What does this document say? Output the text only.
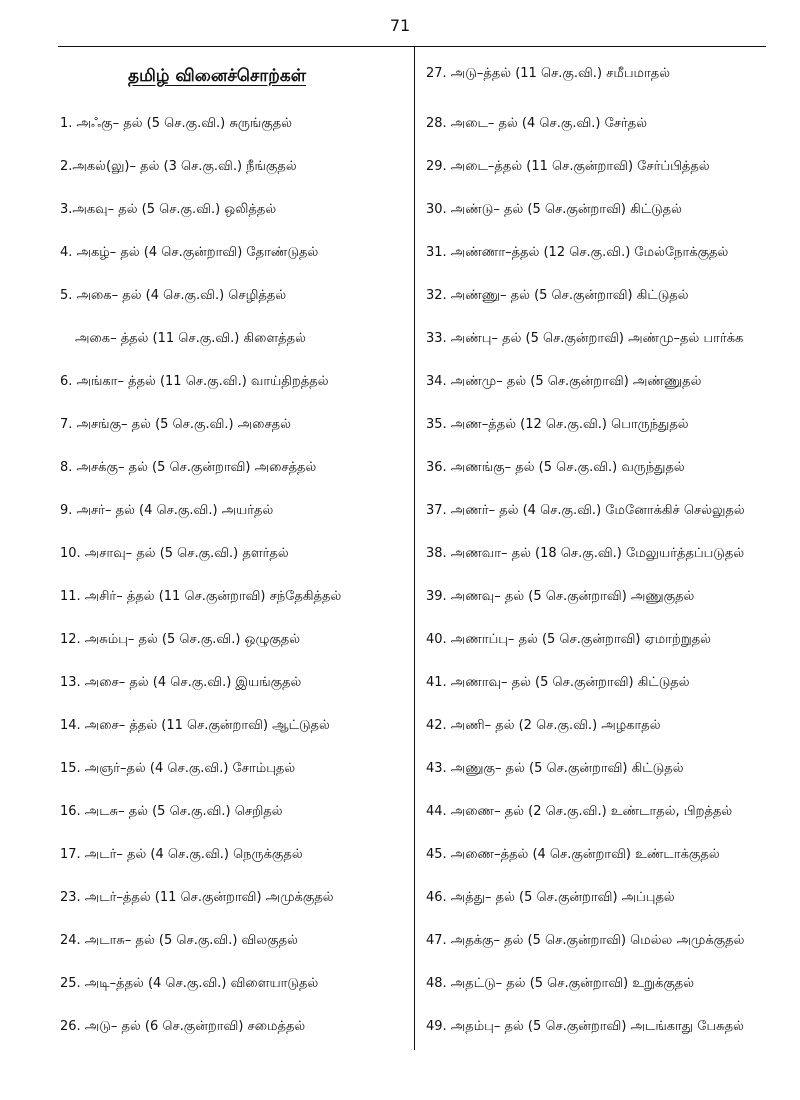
71
தமிழ் வினைச்சொற்கள்
1. அஃகு– தல் (5 செ.கு.வி.) சுருங்குதல்
2.அகல்(லு)– தல் (3 செ.கு.வி.) நீங்குதல்
3.அகவு– தல் (5 செ.கு.வி.) ஒலித்தல்
4. அகழ்– தல் (4 செ.குன்றாவி) தோண்டுதல்
5. அகை– தல் (4 செ.கு.வி.) செழித்தல்
அகை– த்தல் (11 செ.கு.வி.) கிளைத்தல்
6. அங்கா– த்தல் (11 செ.கு.வி.) வாய்திறத்தல்
7. அசங்கு– தல் (5 செ.கு.வி.) அசைதல்
8. அசக்கு– தல் (5 செ.குன்றாவி) அசைத்தல்
9. அசர்– தல் (4 செ.கு.வி.) அயர்தல்
10. அசாவு– தல் (5 செ.கு.வி.) தளர்தல்
11. அசிர்– த்தல் (11 செ.குன்றாவி) சந்தேகித்தல்
12. அசும்பு– தல் (5 செ.கு.வி.) ஒழுகுதல்
13. அசை– தல் (4 செ.கு.வி.) இயங்குதல்
14. அசை– த்தல் (11 செ.குன்றாவி) ஆட்டுதல்
15. அஞர்–தல் (4 செ.கு.வி.) சோம்புதல்
16. அடசு– தல் (5 செ.கு.வி.) செறிதல்
17. அடர்– தல் (4 செ.கு.வி.) நெருக்குதல்
23. அடர்–த்தல் (11 செ.குன்றாவி) அமுக்குதல்
24. அடாசு– தல் (5 செ.கு.வி.) விலகுதல்
25. அடி–த்தல் (4 செ.கு.வி.) விளையாடுதல்
26. அடு– தல் (6 செ.குன்றாவி) சமைத்தல்
27. அடு–த்தல் (11 செ.கு.வி.) சமீபமாதல்
28. அடை– தல் (4 செ.கு.வி.) சேர்தல்
29. அடை–த்தல் (11 செ.குன்றாவி) சேர்ப்பித்தல்
30. அண்டு– தல் (5 செ.குன்றாவி) கிட்டுதல்
31. அண்ணா–த்தல் (12 செ.கு.வி.) மேல்நோக்குதல்
32. அண்ணு– தல் (5 செ.குன்றாவி) கிட்டுதல்
33. அண்பு– தல் (5 செ.குன்றாவி) அண்மு–தல் பார்க்க
34. அண்மு– தல் (5 செ.குன்றாவி) அண்ணுதல்
35. அண–த்தல் (12 செ.கு.வி.) பொருந்துதல்
36. அணங்கு– தல் (5 செ.கு.வி.) வருந்துதல்
37. அணர்– தல் (4 செ.கு.வி.) மேனோக்கிச் செல்லுதல்
38. அணவா– தல் (18 செ.கு.வி.) மேலுயர்த்தப்படுதல்
39. அணவு– தல் (5 செ.குன்றாவி) அணுகுதல்
40. அணாப்பு– தல் (5 செ.குன்றாவி) ஏமாற்றுதல்
41. அணாவு– தல் (5 செ.குன்றாவி) கிட்டுதல்
42. அணி– தல் (2 செ.கு.வி.) அழகாதல்
43. அணுகு– தல் (5 செ.குன்றாவி) கிட்டுதல்
44. அணை– தல் (2 செ.கு.வி.) உண்டாதல், பிறத்தல்
45. அணை–த்தல் (4 செ.குன்றாவி) உண்டாக்குதல்
46. அத்து– தல் (5 செ.குன்றாவி) அப்புதல்
47. அதக்கு– தல் (5 செ.குன்றாவி) மெல்ல அமுக்குதல்
48. அதட்டு– தல் (5 செ.குன்றாவி) உறுக்குதல்
49. அதம்பு– தல் (5 செ.குன்றாவி) அடங்காது பேசுதல்
